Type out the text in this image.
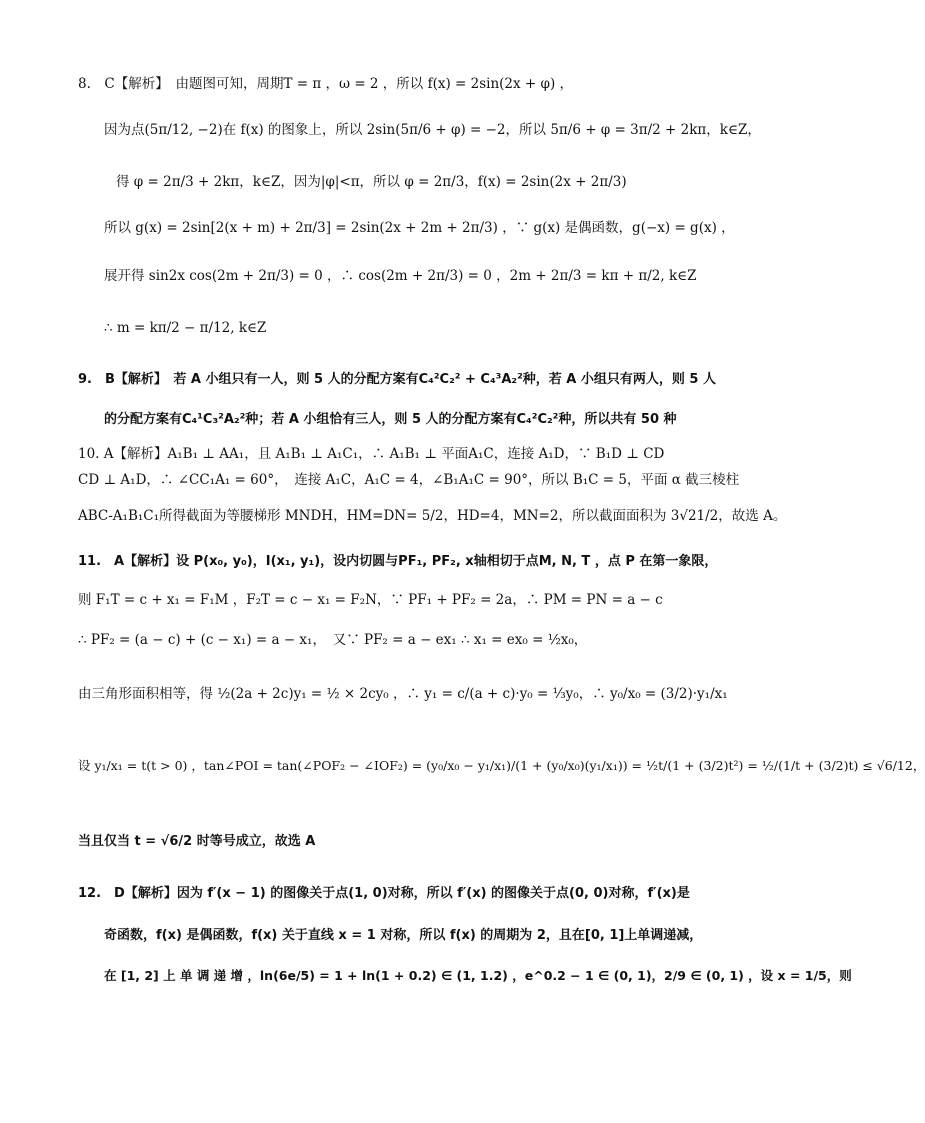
8.　C【解析】　由题图可知，周期T = π ，ω = 2 ，所以 f(x) = 2sin(2x + φ) ，
因为点(5π/12, −2)在 f(x) 的图象上，所以 2sin(5π/6 + φ) = −2，所以 5π/6 + φ = 3π/2 + 2kπ，k∈Z，
得 φ = 2π/3 + 2kπ，k∈Z，因为|φ|<π，所以 φ = 2π/3，f(x) = 2sin(2x + 2π/3)
所以 g(x) = 2sin[2(x + m) + 2π/3] = 2sin(2x + 2m + 2π/3) ，∵ g(x) 是偶函数，g(−x) = g(x) ，
展开得 sin2x cos(2m + 2π/3) = 0 ，∴ cos(2m + 2π/3) = 0 ，2m + 2π/3 = kπ + π/2, k∈Z
∴ m = kπ/2 − π/12, k∈Z
9.　B【解析】　若 A 小组只有一人，则 5 人的分配方案有C₄²C₂² + C₄³A₂²种，若 A 小组只有两人，则 5 人
的分配方案有C₄¹C₃²A₂²种；若 A 小组恰有三人，则 5 人的分配方案有C₄²C₂²种，所以共有 50 种
10. A【解析】A₁B₁ ⊥ AA₁，且 A₁B₁ ⊥ A₁C₁，∴ A₁B₁ ⊥ 平面A₁C，连接 A₁D，∵ B₁D ⊥ CD
CD ⊥ A₁D，∴ ∠CC₁A₁ = 60°，　连接 A₁C，A₁C = 4，∠B₁A₁C = 90°，所以 B₁C = 5，平面 α 截三棱柱
ABC-A₁B₁C₁所得截面为等腰梯形 MNDH，HM=DN= 5/2，HD=4，MN=2，所以截面面积为 3√21/2，故选 A。
11.　A【解析】设 P(x₀, y₀)，I(x₁, y₁)，设内切圆与PF₁, PF₂, x轴相切于点M, N, T ，点 P 在第一象限，
则 F₁T = c + x₁ = F₁M ，F₂T = c − x₁ = F₂N，∵ PF₁ + PF₂ = 2a，∴ PM = PN = a − c
∴ PF₂ = (a − c) + (c − x₁) = a − x₁，　又∵ PF₂ = a − ex₁ ∴ x₁ = ex₀ = ½x₀，
由三角形面积相等，得 ½(2a + 2c)y₁ = ½ × 2cy₀ ，∴ y₁ = c/(a + c)·y₀ = ⅓y₀，∴ y₀/x₀ = (3/2)·y₁/x₁
设 y₁/x₁ = t(t > 0) ，tan∠POI = tan(∠POF₂ − ∠IOF₂) = (y₀/x₀ − y₁/x₁)/(1 + (y₀/x₀)(y₁/x₁)) = ½t/(1 + (3/2)t²) = ½/(1/t + (3/2)t) ≤ √6/12，
当且仅当 t = √6/2 时等号成立，故选 A
12.　D【解析】因为 f′(x − 1) 的图像关于点(1, 0)对称，所以 f′(x) 的图像关于点(0, 0)对称，f′(x)是
奇函数，f(x) 是偶函数，f(x) 关于直线 x = 1 对称，所以 f(x) 的周期为 2，且在[0, 1]上单调递减，
在 [1, 2] 上 单 调 递 增 ，ln(6e/5) = 1 + ln(1 + 0.2) ∈ (1, 1.2) ，e^0.2 − 1 ∈ (0, 1)，2/9 ∈ (0, 1) ，设 x = 1/5，则
